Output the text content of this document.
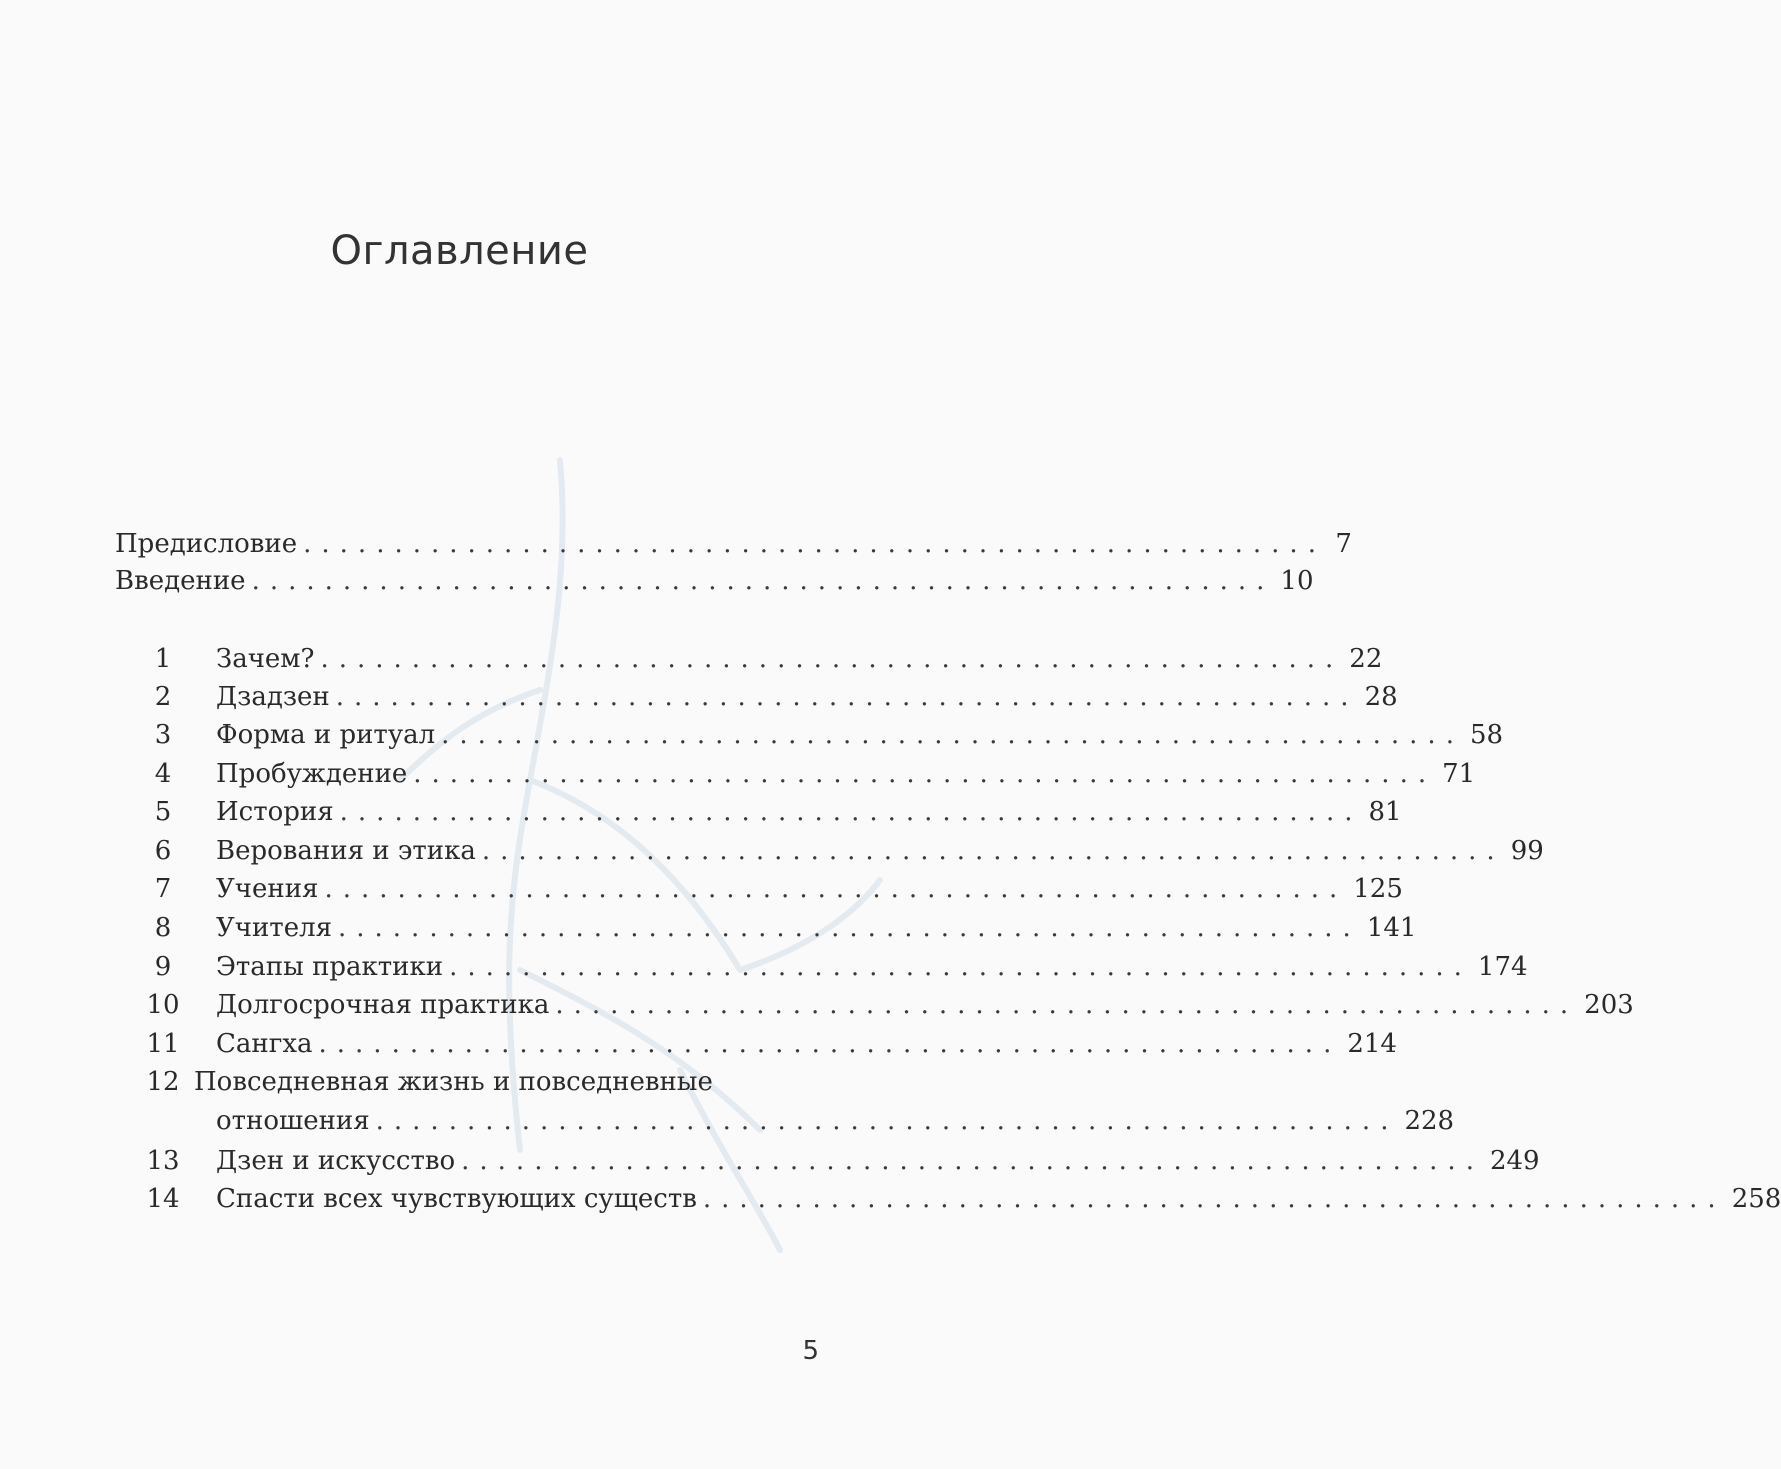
Оглавление
Предисловие ........................................................ 7
Введение ........................................................ 10
1	Зачем? ........................................................ 22
2	Дзадзен ........................................................ 28
3	Форма и ритуал ........................................................ 58
4	Пробуждение ........................................................ 71
5	История ........................................................ 81
6	Верования и этика ........................................................ 99
7	Учения ........................................................ 125
8	Учителя ........................................................ 141
9	Этапы практики ........................................................ 174
10	Долгосрочная практика ........................................................ 203
11	Сангха ........................................................ 214
12 Повседневная жизнь и повседневные
отношения ........................................................ 228
13	Дзен и искусство ........................................................ 249
14	Спасти всех чувствующих существ ........................................................ 258
5
